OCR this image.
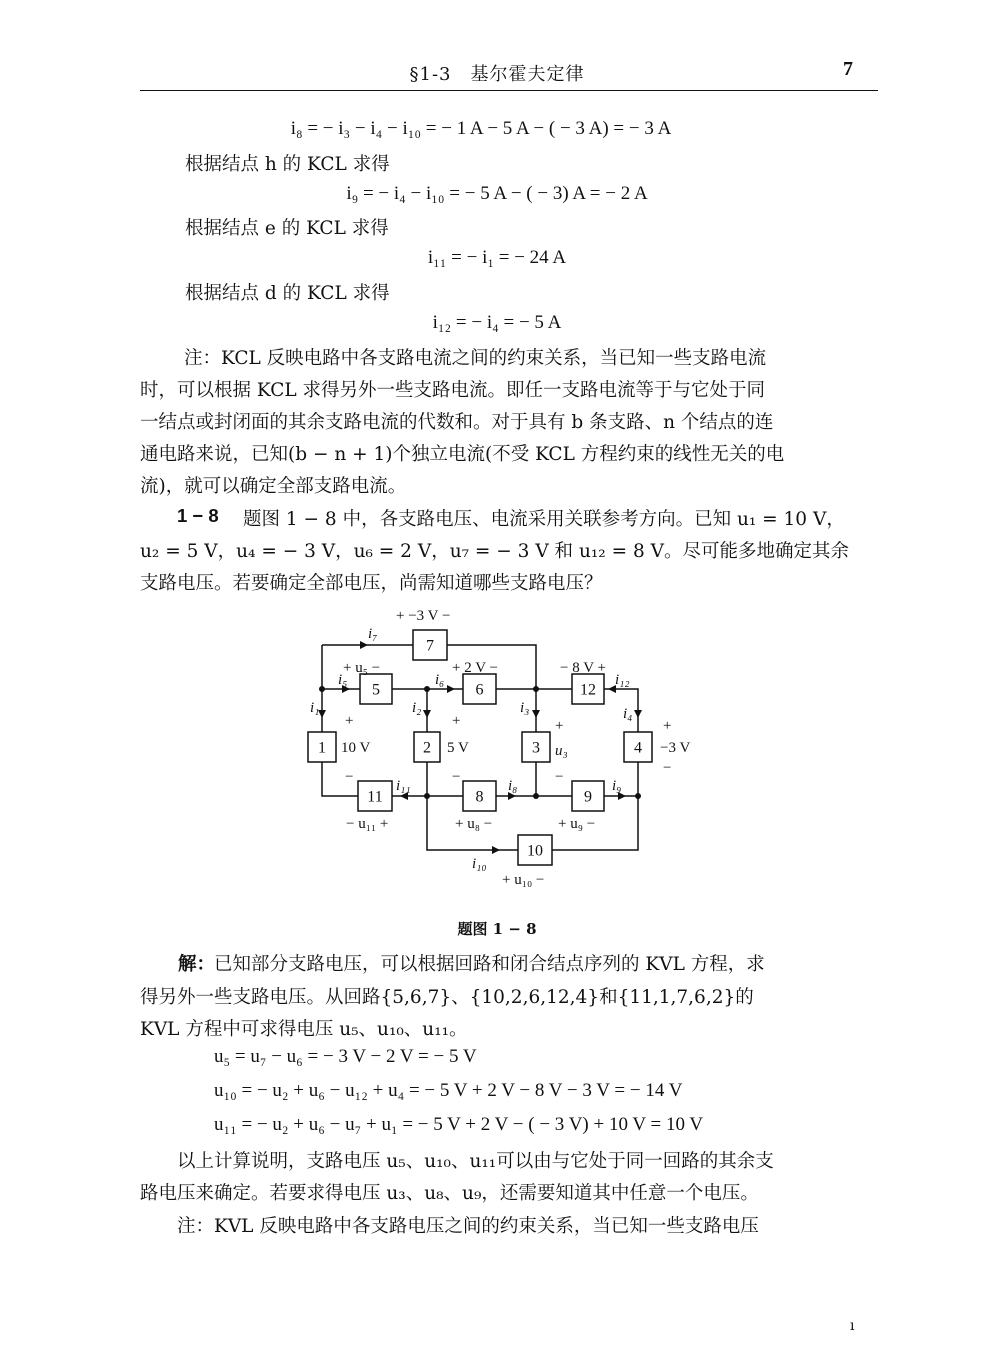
§1-3　基尔霍夫定律	7
i₈ = − i₃ − i₄ − i₁₀ = − 1 A − 5 A − ( − 3 A) = − 3 A
根据结点 h 的 KCL 求得
i₉ = − i₄ − i₁₀ = − 5 A − ( − 3) A = − 2 A
根据结点 e 的 KCL 求得
i₁₁ = − i₁ = − 24 A
根据结点 d 的 KCL 求得
i₁₂ = − i₄ = − 5 A
注：KCL 反映电路中各支路电流之间的约束关系，当已知一些支路电流
时，可以根据 KCL 求得另外一些支路电流。即任一支路电流等于与它处于同
一结点或封闭面的其余支路电流的代数和。对于具有 b 条支路、n 个结点的连
通电路来说，已知(b − n + 1)个独立电流(不受 KCL 方程约束的线性无关的电
流)，就可以确定全部支路电流。
1 − 8 题图 1 − 8 中，各支路电压、电流采用关联参考方向。已知 u₁ = 10 V，
u₂ = 5 V，u₄ = − 3 V，u₆ = 2 V，u₇ = − 3 V 和 u₁₂ = 8 V。尽可能多地确定其余
支路电压。若要确定全部电压，尚需知道哪些支路电压？
+ −3 V −
i₇
+ u₅ −
i₅
+ 2 V −
i₆
− 8 V +
i₁₂
i₁	i₂	i₃	i₄
+	+	+	+
10 V	5 V	u₃	−3 V
−	−	−
−
i₁₁	i₈	i₉
− u₁₁ +	+ u₈ −	+ u₉ −
i₁₀
+ u₁₀ −
7
5	6	12
1	2	3	4
11	8	9
10
题图 1 − 8
解：
已知部分支路电压，可以根据回路和闭合结点序列的 KVL 方程，求
得另外一些支路电压。从回路{5,6,7}、{10,2,6,12,4}和{11,1,7,6,2}的
KVL 方程中可求得电压 u₅、u₁₀、u₁₁。
u₅ = u₇ − u₆ = − 3 V − 2 V = − 5 V
u₁₀ = − u₂ + u₆ − u₁₂ + u₄ = − 5 V + 2 V − 8 V − 3 V = − 14 V
u₁₁ = − u₂ + u₆ − u₇ + u₁ = − 5 V + 2 V − ( − 3 V) + 10 V = 10 V
以上计算说明，支路电压 u₅、u₁₀、u₁₁可以由与它处于同一回路的其余支
路电压来确定。若要求得电压 u₃、u₈、u₉，还需要知道其中任意一个电压。
注：KVL 反映电路中各支路电压之间的约束关系，当已知一些支路电压
ı
